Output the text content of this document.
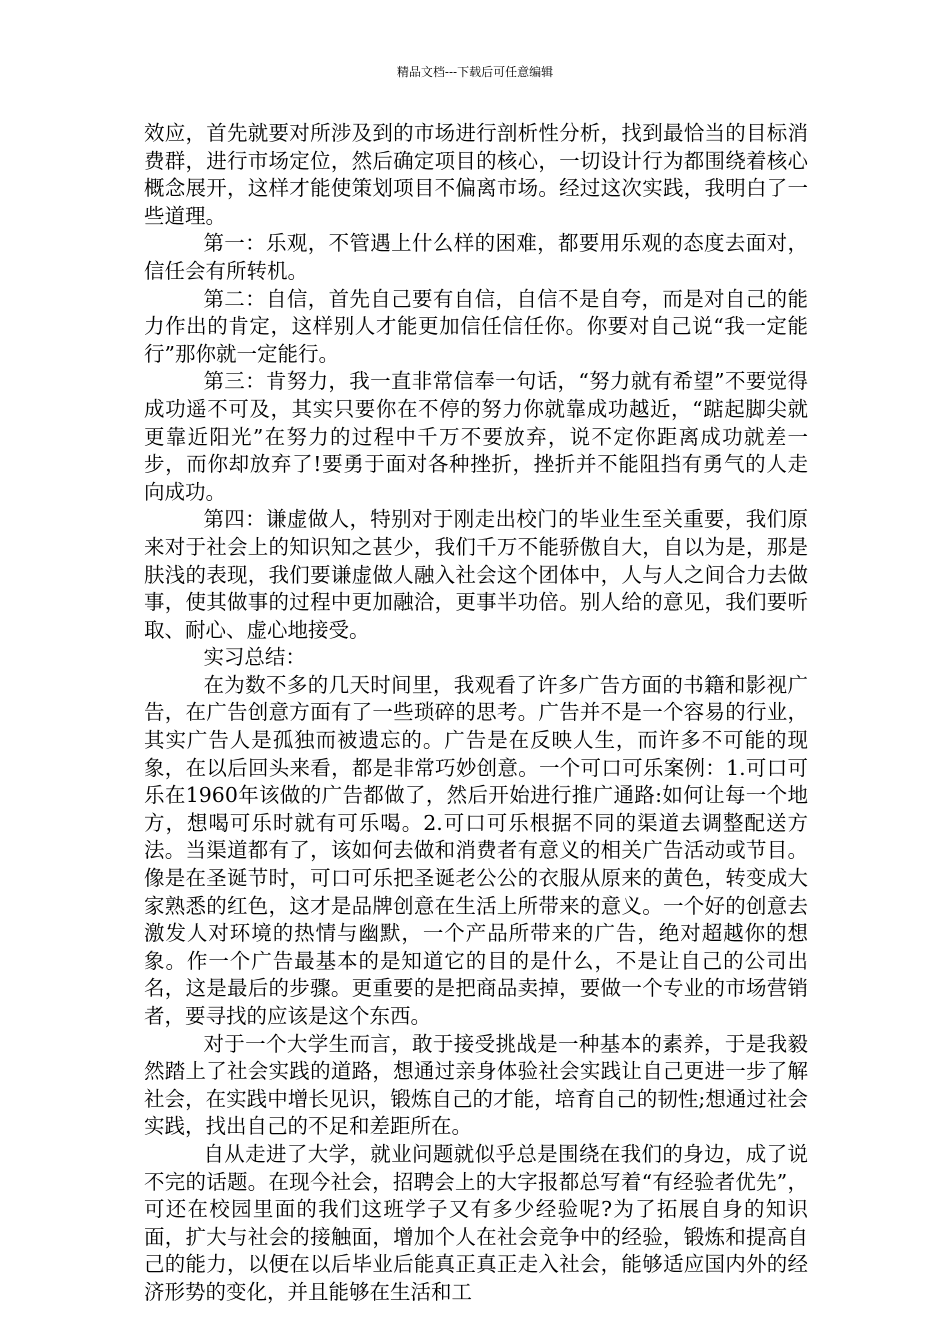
精品文档---下载后可任意编辑

效应，首先就要对所涉及到的市场进行剖析性分析，找到最恰当的目标消费群，进行市场定位，然后确定项目的核心，一切设计行为都围绕着核心概念展开，这样才能使策划项目不偏离市场。经过这次实践，我明白了一些道理。

第一：乐观，不管遇上什么样的困难，都要用乐观的态度去面对，信任会有所转机。

第二：自信，首先自己要有自信，自信不是自夸，而是对自己的能力作出的肯定，这样别人才能更加信任信任你。你要对自己说“我一定能行”那你就一定能行。

第三：肯努力，我一直非常信奉一句话，“努力就有希望”不要觉得成功遥不可及，其实只要你在不停的努力你就靠成功越近，“踮起脚尖就更靠近阳光”在努力的过程中千万不要放弃，说不定你距离成功就差一步，而你却放弃了!要勇于面对各种挫折，挫折并不能阻挡有勇气的人走向成功。

第四：谦虚做人，特别对于刚走出校门的毕业生至关重要，我们原来对于社会上的知识知之甚少，我们千万不能骄傲自大，自以为是，那是肤浅的表现，我们要谦虚做人融入社会这个团体中，人与人之间合力去做事，使其做事的过程中更加融洽，更事半功倍。别人给的意见，我们要听取、耐心、虚心地接受。

实习总结：

在为数不多的几天时间里，我观看了许多广告方面的书籍和影视广告，在广告创意方面有了一些琐碎的思考。广告并不是一个容易的行业，其实广告人是孤独而被遗忘的。广告是在反映人生，而许多不可能的现象，在以后回头来看，都是非常巧妙创意。一个可口可乐案例：1.可口可乐在1960年该做的广告都做了，然后开始进行推广通路:如何让每一个地方，想喝可乐时就有可乐喝。2.可口可乐根据不同的渠道去调整配送方法。当渠道都有了，该如何去做和消费者有意义的相关广告活动或节目。像是在圣诞节时，可口可乐把圣诞老公公的衣服从原来的黄色，转变成大家熟悉的红色，这才是品牌创意在生活上所带来的意义。一个好的创意去激发人对环境的热情与幽默，一个产品所带来的广告，绝对超越你的想象。作一个广告最基本的是知道它的目的是什么，不是让自己的公司出名，这是最后的步骤。更重要的是把商品卖掉，要做一个专业的市场营销者，要寻找的应该是这个东西。

对于一个大学生而言，敢于接受挑战是一种基本的素养，于是我毅然踏上了社会实践的道路，想通过亲身体验社会实践让自己更进一步了解社会，在实践中增长见识，锻炼自己的才能，培育自己的韧性;想通过社会实践，找出自己的不足和差距所在。

自从走进了大学，就业问题就似乎总是围绕在我们的身边，成了说不完的话题。在现今社会，招聘会上的大字报都总写着“有经验者优先”，可还在校园里面的我们这班学子又有多少经验呢?为了拓展自身的知识面，扩大与社会的接触面，增加个人在社会竞争中的经验，锻炼和提高自己的能力，以便在以后毕业后能真正真正走入社会，能够适应国内外的经济形势的变化，并且能够在生活和工
